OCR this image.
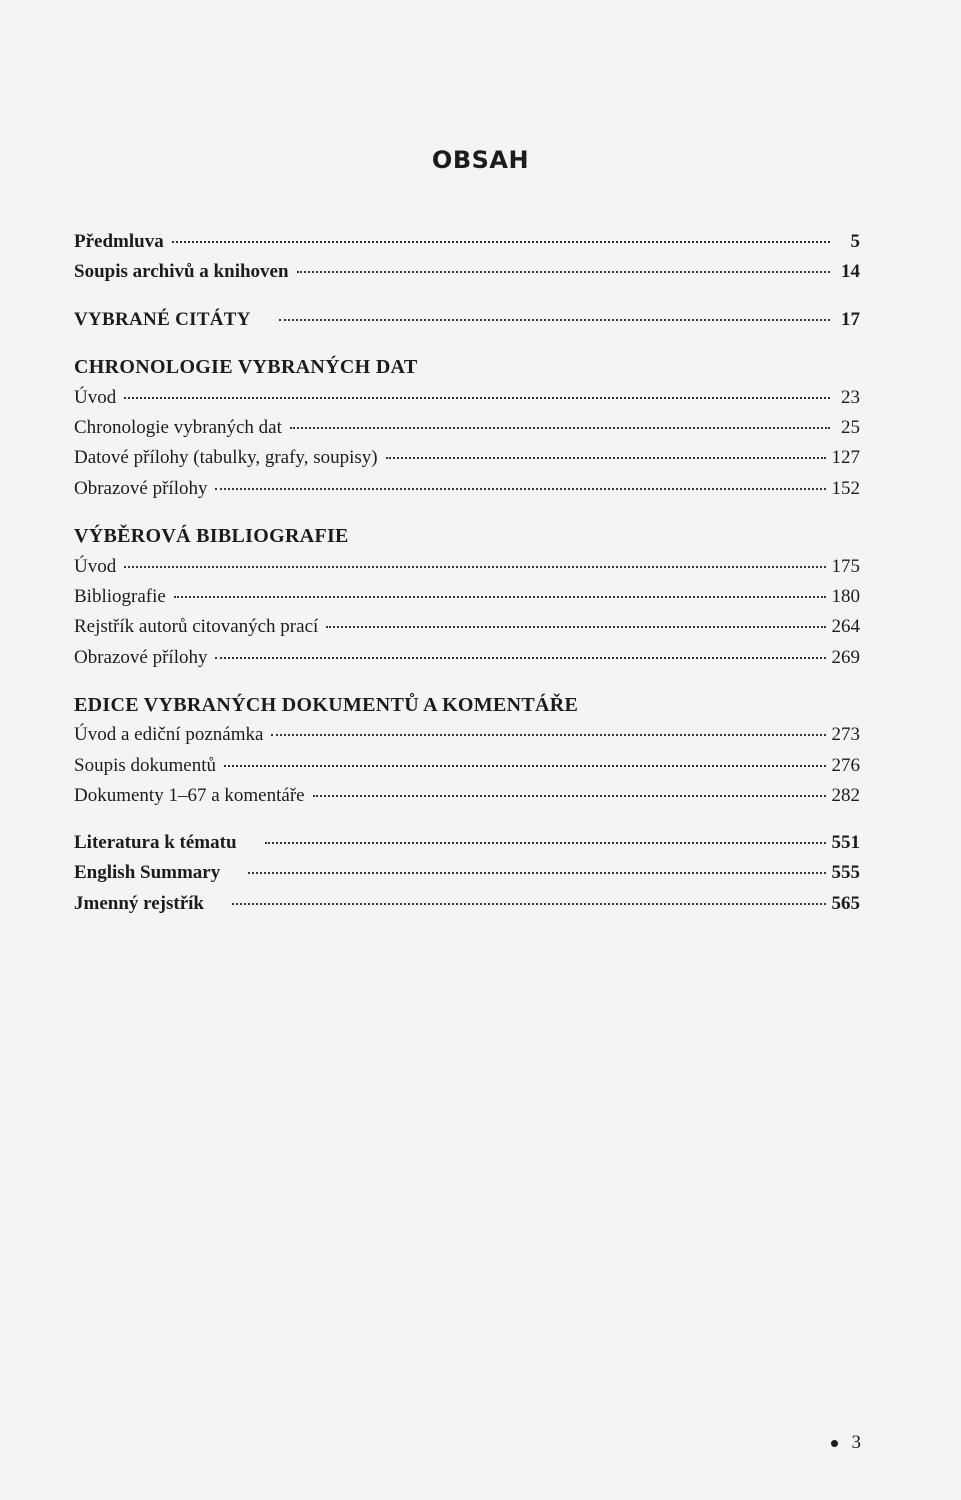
OBSAH
Předmluva	5
Soupis archivů a knihoven	14
VYBRANÉ CITÁTY	17
CHRONOLOGIE VYBRANÝCH DAT
Úvod	23
Chronologie vybraných dat	25
Datové přílohy (tabulky, grafy, soupisy)	127
Obrazové přílohy	152
VÝBĚROVÁ BIBLIOGRAFIE
Úvod	175
Bibliografie	180
Rejstřík autorů citovaných prací	264
Obrazové přílohy	269
EDICE VYBRANÝCH DOKUMENTŮ A KOMENTÁŘE
Úvod a ediční poznámka	273
Soupis dokumentů	276
Dokumenty 1–67 a komentáře	282
Literatura k tématu	551
English Summary	555
Jmenný rejstřík	565
3
